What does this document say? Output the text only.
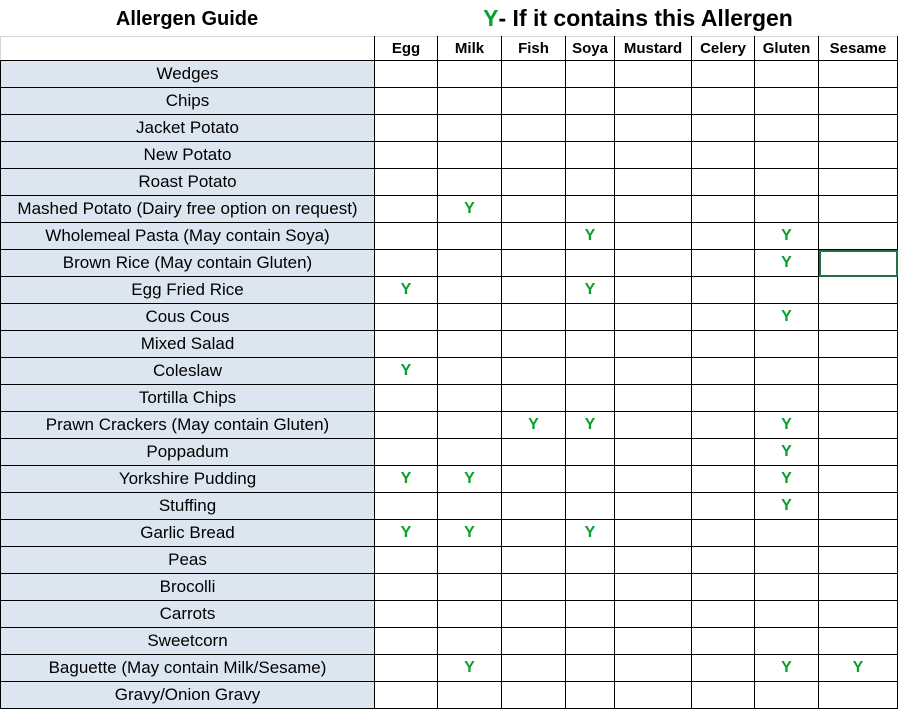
Allergen Guide	Y - If it contains this Allergen
	Egg	Milk	Fish	Soya	Mustard	Celery	Gluten	Sesame
Wedges								
Chips								
Jacket Potato								
New Potato								
Roast Potato								
Mashed Potato (Dairy free option on request)		Y						
Wholemeal Pasta (May contain Soya)				Y			Y	
Brown Rice (May contain Gluten)							Y	
Egg Fried Rice	Y			Y				
Cous Cous							Y	
Mixed Salad								
Coleslaw	Y							
Tortilla Chips								
Prawn Crackers (May contain Gluten)			Y	Y			Y	
Poppadum							Y	
Yorkshire Pudding	Y	Y					Y	
Stuffing							Y	
Garlic Bread	Y	Y		Y				
Peas								
Brocolli								
Carrots								
Sweetcorn								
Baguette (May contain Milk/Sesame)		Y					Y	Y
Gravy/Onion Gravy								
